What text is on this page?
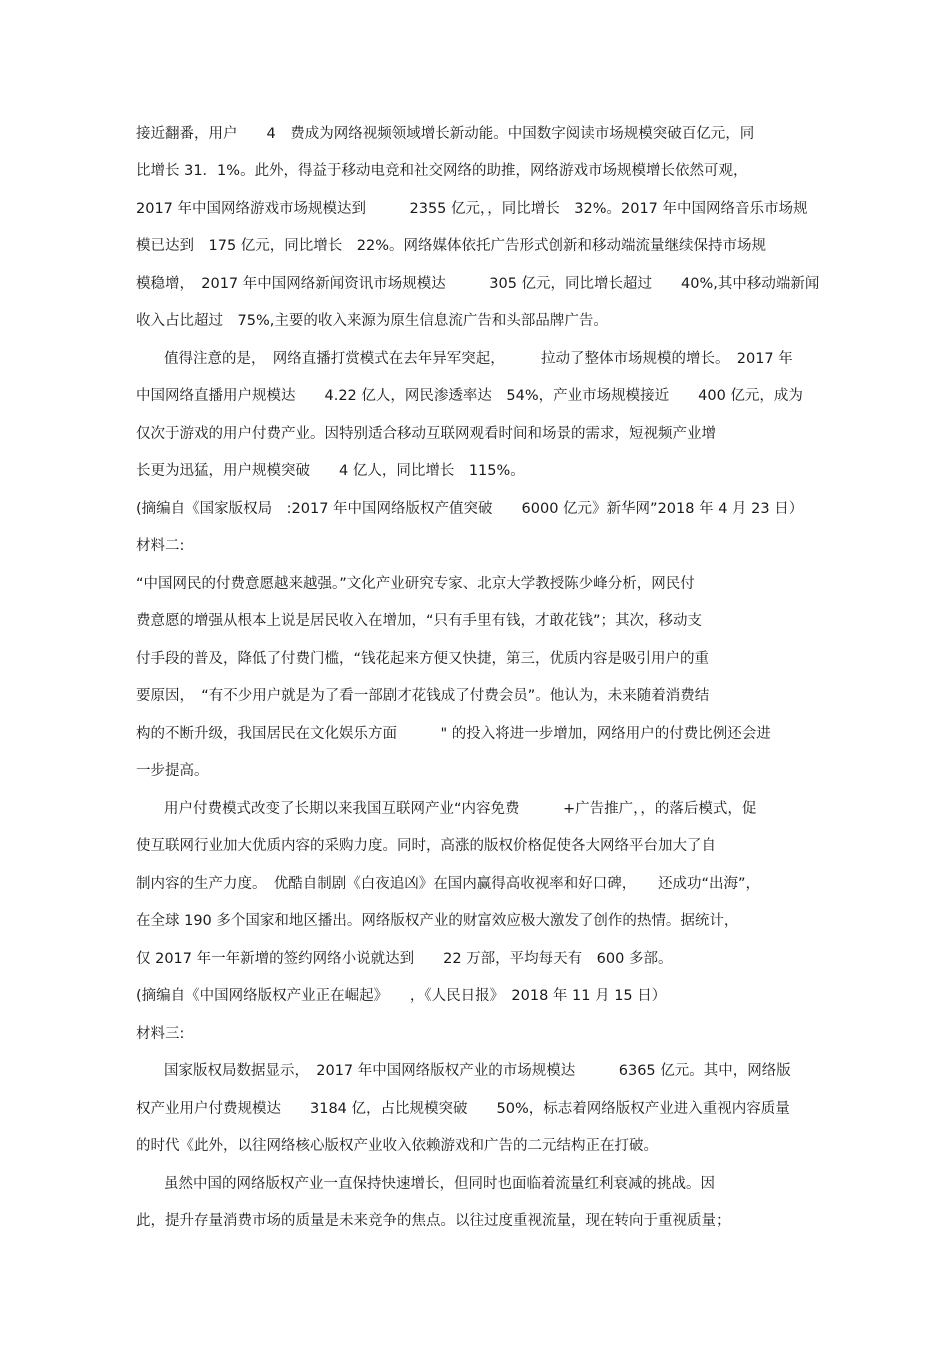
接近翻番，用户　　4　费成为网络视频领域增长新动能。中国数字阅读市场规模突破百亿元，同
比增长 31．1%。此外，得益于移动电竞和社交网络的助推，网络游戏市场规模增长依然可观，
2017 年中国网络游戏市场规模达到　　　2355 亿元，，同比增长　32%。2017 年中国网络音乐市场规
模已达到　175 亿元，同比增长　22%。网络媒体依托广告形式创新和移动端流量继续保持市场规
模稳增，　2017 年中国网络新闻资讯市场规模达　　　305 亿元，同比增长超过　　40%,其中移动端新闻
收入占比超过　75%,主要的收入来源为原生信息流广告和头部品牌广告。
值得注意的是，　网络直播打赏模式在去年异军突起，　　　拉动了整体市场规模的增长。　2017 年
中国网络直播用户规模达　　4.22 亿人，网民渗透率达　54%，产业市场规模接近　　400 亿元，成为
仅次于游戏的用户付费产业。因特别适合移动互联网观看时间和场景的需求，短视频产业增
长更为迅猛，用户规模突破　　4 亿人，同比增长　115%。
(摘编自《国家版权局　:2017 年中国网络版权产值突破　　6000 亿元》新华网”2018 年 4 月 23 日）
材料二:
“中国网民的付费意愿越来越强。”文化产业研究专家、北京大学教授陈少峰分析，网民付
费意愿的增强从根本上说是居民收入在增加，“只有手里有钱，才敢花钱”；其次，移动支
付手段的普及，降低了付费门槛，“钱花起来方便又快捷，第三，优质内容是吸引用户的重
要原因，　“有不少用户就是为了看一部剧才花钱成了付费会员”。他认为，未来随着消费结
构的不断升级，我国居民在文化娱乐方面　　　" 的投入将进一步增加，网络用户的付费比例还会进
一步提高。
用户付费模式改变了长期以来我国互联网产业“内容免费　　　+广告推广，，的落后模式，促
使互联网行业加大优质内容的采购力度。同时，高涨的版权价格促使各大网络平台加大了自
制内容的生产力度。　优酷自制剧《白夜追凶》在国内赢得高收视率和好口碑，　　还成功“出海”，
在全球 190 多个国家和地区播出。网络版权产业的财富效应极大激发了创作的热情。据统计，
仅 2017 年一年新增的签约网络小说就达到　　22 万部，平均每天有　600 多部。
(摘编自《中国网络版权产业正在崛起》　　，《人民日报》　2018 年 11 月 15 日）
材料三:
国家版权局数据显示，　2017 年中国网络版权产业的市场规模达　　　6365 亿元。其中，网络版
权产业用户付费规模达　　3184 亿，占比规模突破　　50%，标志着网络版权产业进入重视内容质量
的时代《此外，以往网络核心版权产业收入依赖游戏和广告的二元结构正在打破。
虽然中国的网络版权产业一直保持快速增长，但同时也面临着流量红利衰减的挑战。因
此，提升存量消费市场的质量是未来竞争的焦点。以往过度重视流量，现在转向于重视质量；
